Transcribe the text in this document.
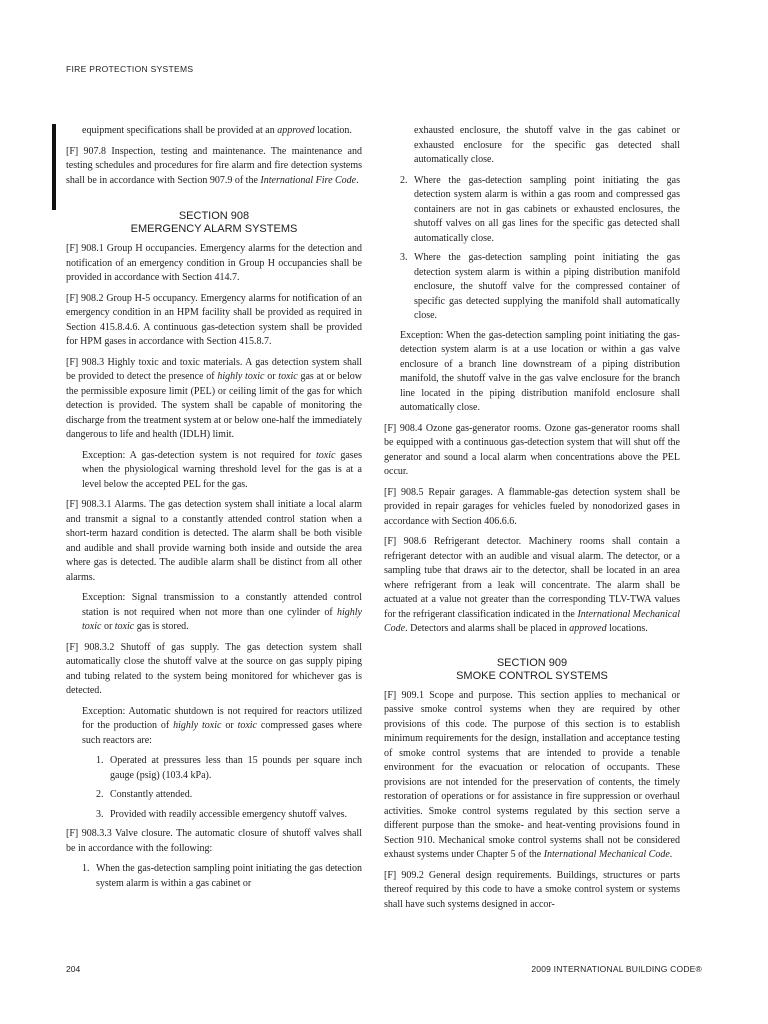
FIRE PROTECTION SYSTEMS

equipment specifications shall be provided at an approved location.

[F] 907.8 Inspection, testing and maintenance. The maintenance and testing schedules and procedures for fire alarm and fire detection systems shall be in accordance with Section 907.9 of the International Fire Code.

SECTION 908
EMERGENCY ALARM SYSTEMS

[F] 908.1 Group H occupancies. Emergency alarms for the detection and notification of an emergency condition in Group H occupancies shall be provided in accordance with Section 414.7.

[F] 908.2 Group H-5 occupancy. Emergency alarms for notification of an emergency condition in an HPM facility shall be provided as required in Section 415.8.4.6. A continuous gas-detection system shall be provided for HPM gases in accordance with Section 415.8.7.

[F] 908.3 Highly toxic and toxic materials. A gas detection system shall be provided to detect the presence of highly toxic or toxic gas at or below the permissible exposure limit (PEL) or ceiling limit of the gas for which detection is provided. The system shall be capable of monitoring the discharge from the treatment system at or below one-half the immediately dangerous to life and health (IDLH) limit.

Exception: A gas-detection system is not required for toxic gases when the physiological warning threshold level for the gas is at a level below the accepted PEL for the gas.

[F] 908.3.1 Alarms. The gas detection system shall initiate a local alarm and transmit a signal to a constantly attended control station when a short-term hazard condition is detected. The alarm shall be both visible and audible and shall provide warning both inside and outside the area where gas is detected. The audible alarm shall be distinct from all other alarms.

Exception: Signal transmission to a constantly attended control station is not required when not more than one cylinder of highly toxic or toxic gas is stored.

[F] 908.3.2 Shutoff of gas supply. The gas detection system shall automatically close the shutoff valve at the source on gas supply piping and tubing related to the system being monitored for whichever gas is detected.

Exception: Automatic shutdown is not required for reactors utilized for the production of highly toxic or toxic compressed gases where such reactors are:

1. Operated at pressures less than 15 pounds per square inch gauge (psig) (103.4 kPa).
2. Constantly attended.
3. Provided with readily accessible emergency shutoff valves.

[F] 908.3.3 Valve closure. The automatic closure of shutoff valves shall be in accordance with the following:

1. When the gas-detection sampling point initiating the gas detection system alarm is within a gas cabinet or

exhausted enclosure, the shutoff valve in the gas cabinet or exhausted enclosure for the specific gas detected shall automatically close.

2. Where the gas-detection sampling point initiating the gas detection system alarm is within a gas room and compressed gas containers are not in gas cabinets or exhausted enclosures, the shutoff valves on all gas lines for the specific gas detected shall automatically close.
3. Where the gas-detection sampling point initiating the gas detection system alarm is within a piping distribution manifold enclosure, the shutoff valve for the compressed container of specific gas detected supplying the manifold shall automatically close.

Exception: When the gas-detection sampling point initiating the gas-detection system alarm is at a use location or within a gas valve enclosure of a branch line downstream of a piping distribution manifold, the shutoff valve in the gas valve enclosure for the branch line located in the piping distribution manifold enclosure shall automatically close.

[F] 908.4 Ozone gas-generator rooms. Ozone gas-generator rooms shall be equipped with a continuous gas-detection system that will shut off the generator and sound a local alarm when concentrations above the PEL occur.

[F] 908.5 Repair garages. A flammable-gas detection system shall be provided in repair garages for vehicles fueled by nonodorized gases in accordance with Section 406.6.6.

[F] 908.6 Refrigerant detector. Machinery rooms shall contain a refrigerant detector with an audible and visual alarm. The detector, or a sampling tube that draws air to the detector, shall be located in an area where refrigerant from a leak will concentrate. The alarm shall be actuated at a value not greater than the corresponding TLV-TWA values for the refrigerant classification indicated in the International Mechanical Code. Detectors and alarms shall be placed in approved locations.

SECTION 909
SMOKE CONTROL SYSTEMS

[F] 909.1 Scope and purpose. This section applies to mechanical or passive smoke control systems when they are required by other provisions of this code. The purpose of this section is to establish minimum requirements for the design, installation and acceptance testing of smoke control systems that are intended to provide a tenable environment for the evacuation or relocation of occupants. These provisions are not intended for the preservation of contents, the timely restoration of operations or for assistance in fire suppression or overhaul activities. Smoke control systems regulated by this section serve a different purpose than the smoke- and heat-venting provisions found in Section 910. Mechanical smoke control systems shall not be considered exhaust systems under Chapter 5 of the International Mechanical Code.

[F] 909.2 General design requirements. Buildings, structures or parts thereof required by this code to have a smoke control system or systems shall have such systems designed in accor-

204	2009 INTERNATIONAL BUILDING CODE®
